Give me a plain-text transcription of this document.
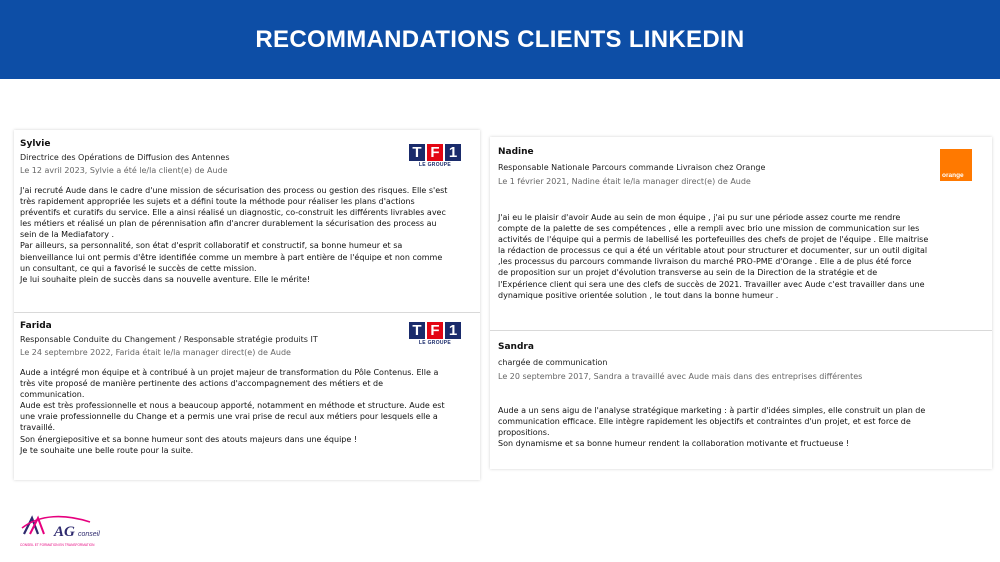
RECOMMANDATIONS CLIENTS LINKEDIN
Sylvie
Directrice des Opérations de Diffusion des Antennes
Le 12 avril 2023, Sylvie a été le/la client(e) de Aude
T F 1
LE GROUPE
J'ai recruté Aude dans le cadre d'une mission de sécurisation des process ou gestion des risques. Elle s'est
très rapidement appropriée les sujets et a défini toute la méthode pour réaliser les plans d'actions
préventifs et curatifs du service. Elle a ainsi réalisé un diagnostic, co-construit les différents livrables avec
les métiers et réalisé un plan de pérennisation afin d'ancrer durablement la sécurisation des process au
sein de la Mediafatory .
Par ailleurs, sa personnalité, son état d'esprit collaboratif et constructif, sa bonne humeur et sa
bienveillance lui ont permis d'être identifiée comme un membre à part entière de l'équipe et non comme
un consultant, ce qui a favorisé le succès de cette mission.
Je lui souhaite plein de succès dans sa nouvelle aventure. Elle le mérite!
Farida
Responsable Conduite du Changement / Responsable stratégie produits IT
Le 24 septembre 2022, Farida était le/la manager direct(e) de Aude
T F 1
LE GROUPE
Aude a intégré mon équipe et à contribué à un projet majeur de transformation du Pôle Contenus. Elle a
très vite proposé de manière pertinente des actions d'accompagnement des métiers et de
communication.
Aude est très professionnelle et nous a beaucoup apporté, notamment en méthode et structure. Aude est
une vraie professionnelle du Change et a permis une vrai prise de recul aux métiers pour lesquels elle a
travaillé.
Son énergiepositive et sa bonne humeur sont des atouts majeurs dans une équipe !
Je te souhaite une belle route pour la suite.
Nadine
Responsable Nationale Parcours commande Livraison chez Orange
Le 1 février 2021, Nadine était le/la manager direct(e) de Aude
orange
J'ai eu le plaisir d'avoir Aude au sein de mon équipe , j'ai pu sur une période assez courte me rendre
compte de la palette de ses compétences , elle a rempli avec brio une mission de communication sur les
activités de l'équipe qui a permis de labellisé les portefeuilles des chefs de projet de l'équipe . Elle maitrise
la rédaction de processus ce qui a été un véritable atout pour structurer et documenter, sur un outil digital
,les processus du parcours commande livraison du marché PRO-PME d'Orange . Elle a de plus été force
de proposition sur un projet d'évolution transverse au sein de la Direction de la stratégie et de
l'Expérience client qui sera une des clefs de succès de 2021. Travailler avec Aude c'est travailler dans une
dynamique positive orientée solution , le tout dans la bonne humeur .
Sandra
chargée de communication
Le 20 septembre 2017, Sandra a travaillé avec Aude mais dans des entreprises différentes
Aude a un sens aigu de l'analyse stratégique marketing : à partir d'idées simples, elle construit un plan de
communication efficace. Elle intègre rapidement les objectifs et contraintes d'un projet, et est force de
propositions.
Son dynamisme et sa bonne humeur rendent la collaboration motivante et fructueuse !
AG conseil
CONSEIL ET FORMATION EN TRANSFORMATION
